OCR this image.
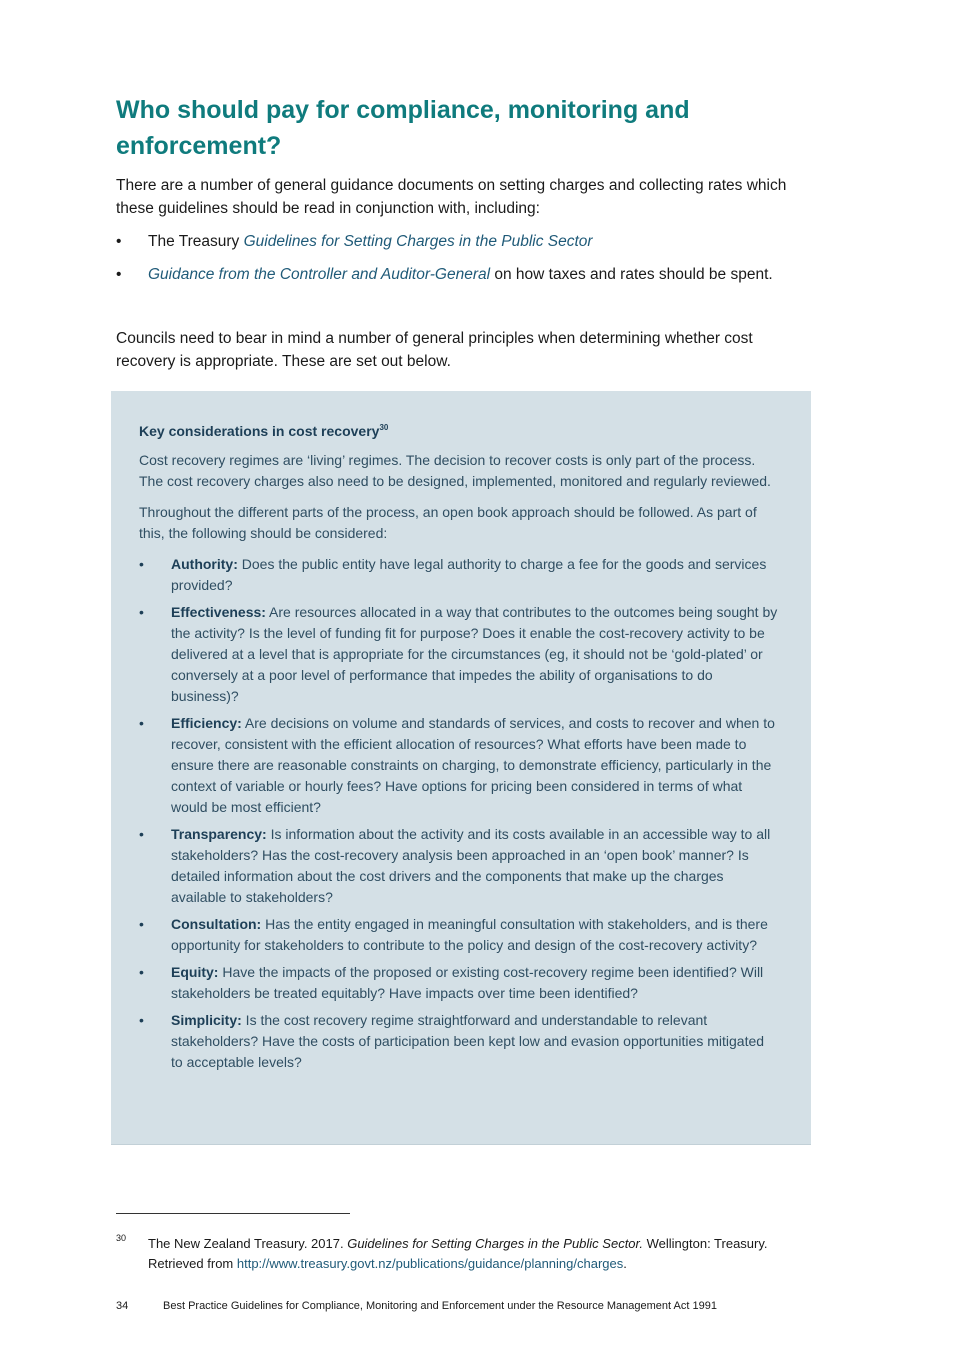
Who should pay for compliance, monitoring and enforcement?

There are a number of general guidance documents on setting charges and collecting rates which these guidelines should be read in conjunction with, including:

• The Treasury Guidelines for Setting Charges in the Public Sector
• Guidance from the Controller and Auditor-General on how taxes and rates should be spent.

Councils need to bear in mind a number of general principles when determining whether cost recovery is appropriate. These are set out below.

Key considerations in cost recovery$^{30}$

Cost recovery regimes are ‘living’ regimes. The decision to recover costs is only part of the process. The cost recovery charges also need to be designed, implemented, monitored and regularly reviewed.

Throughout the different parts of the process, an open book approach should be followed. As part of this, the following should be considered:

• Authority: Does the public entity have legal authority to charge a fee for the goods and services provided?
• Effectiveness: Are resources allocated in a way that contributes to the outcomes being sought by the activity? Is the level of funding fit for purpose? Does it enable the cost-recovery activity to be delivered at a level that is appropriate for the circumstances (eg, it should not be ‘gold-plated’ or conversely at a poor level of performance that impedes the ability of organisations to do business)?
• Efficiency: Are decisions on volume and standards of services, and costs to recover and when to recover, consistent with the efficient allocation of resources? What efforts have been made to ensure there are reasonable constraints on charging, to demonstrate efficiency, particularly in the context of variable or hourly fees? Have options for pricing been considered in terms of what would be most efficient?
• Transparency: Is information about the activity and its costs available in an accessible way to all stakeholders? Has the cost-recovery analysis been approached in an ‘open book’ manner? Is detailed information about the cost drivers and the components that make up the charges available to stakeholders?
• Consultation: Has the entity engaged in meaningful consultation with stakeholders, and is there opportunity for stakeholders to contribute to the policy and design of the cost-recovery activity?
• Equity: Have the impacts of the proposed or existing cost-recovery regime been identified? Will stakeholders be treated equitably? Have impacts over time been identified?
• Simplicity: Is the cost recovery regime straightforward and understandable to relevant stakeholders? Have the costs of participation been kept low and evasion opportunities mitigated to acceptable levels?
30 The New Zealand Treasury. 2017. Guidelines for Setting Charges in the Public Sector. Wellington: Treasury. Retrieved from http://www.treasury.govt.nz/publications/guidance/planning/charges.

34	Best Practice Guidelines for Compliance, Monitoring and Enforcement under the Resource Management Act 1991
